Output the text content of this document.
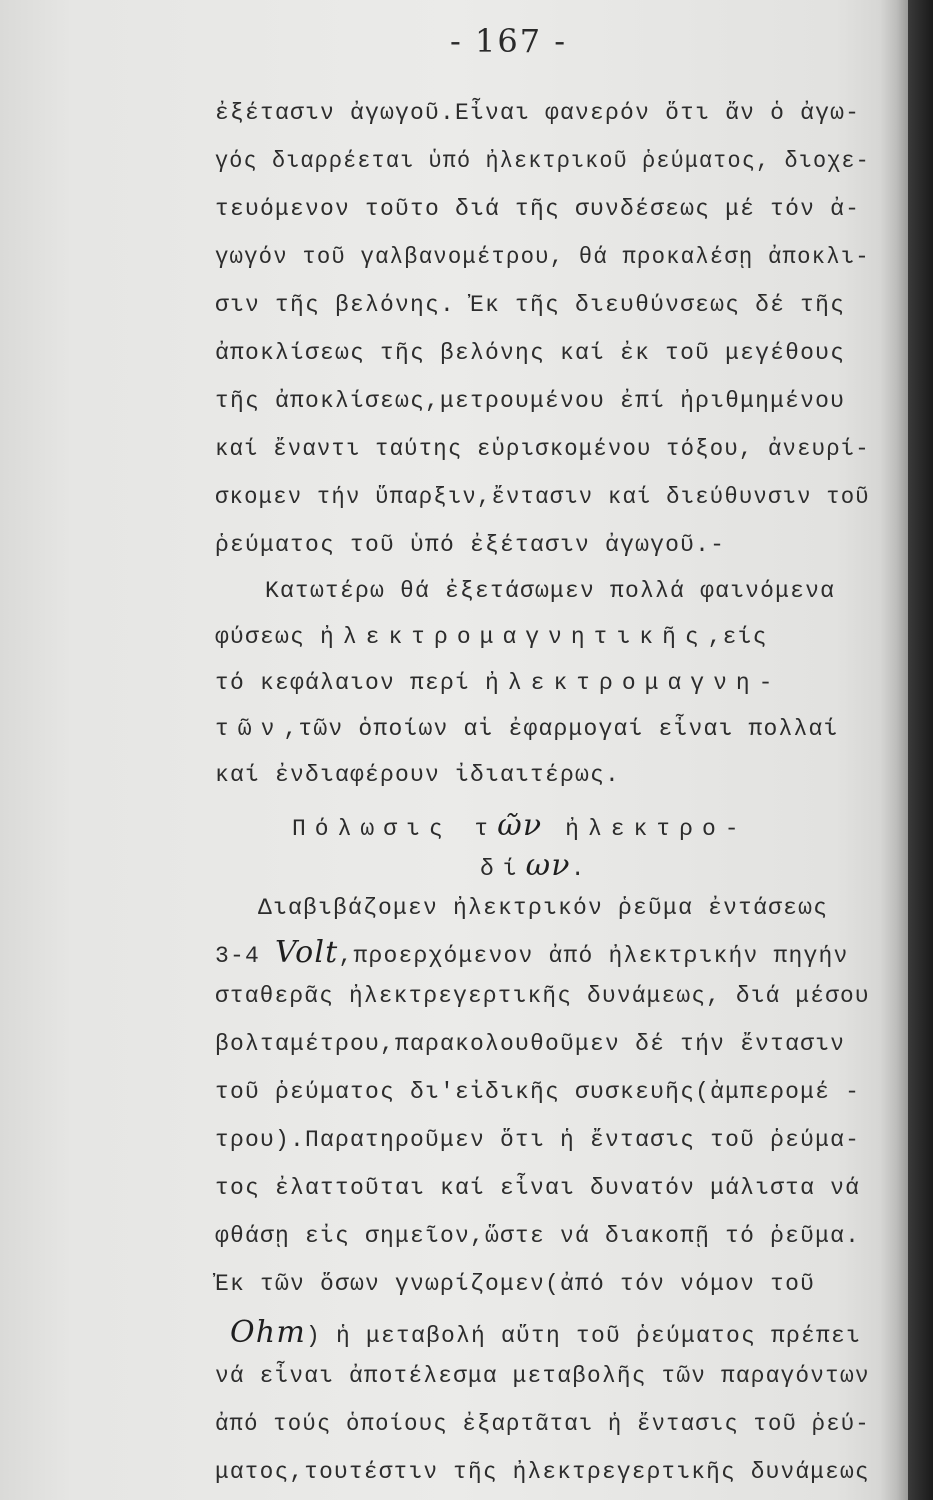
- 167 -
ἐξέτασιν ἀγωγοῦ.Εἶναι φανερόν ὅτι ἄν ὁ ἀγω-
γός διαρρέεται ὑπό ἠλεκτρικοῦ ῥεύματος, διοχε-
τευόμενον τοῦτο διά τῆς συνδέσεως μέ τόν ἀ-
γωγόν τοῦ γαλβανομέτρου, θά προκαλέσῃ ἀποκλι-
σιν τῆς βελόνης. Ἐκ τῆς διευθύνσεως δέ τῆς
ἀποκλίσεως τῆς βελόνης καί ἐκ τοῦ μεγέθους
τῆς ἀποκλίσεως,μετρουμένου ἐπί ἠριθμημένου
καί ἔναντι ταύτης εὑρισκομένου τόξου, ἀνευρί-
σκομεν τήν ὕπαρξιν,ἔντασιν καί διεύθυνσιν τοῦ
ῥεύματος τοῦ ὑπό ἐξέτασιν ἀγωγοῦ.-
Κατωτέρω θά ἐξετάσωμεν πολλά φαινόμενα
φύσεως ἠλεκτρομαγνητικῆς,είς
τό κεφάλαιον περί ἠλεκτρομαγνη-
τῶν,τῶν ὁποίων αἱ ἐφαρμογαί εἶναι πολλαί
καί ἐνδιαφέρουν ἰδιαιτέρως.
Πόλωσις τῶν ἠλεκτρο-
δίων.
Διαβιβάζομεν ἠλεκτρικόν ῥεῦμα ἐντάσεως
3-4 Volt,προερχόμενον ἀπό ἠλεκτρικήν πηγήν
σταθερᾶς ἠλεκτρεγερτικῆς δυνάμεως, διά μέσου
βολταμέτρου,παρακολουθοῦμεν δέ τήν ἔντασιν
τοῦ ῥεύματος δι'εἰδικῆς συσκευῆς(ἀμπερομέ -
τρου).Παρατηροῦμεν ὅτι ἡ ἔντασις τοῦ ῥεύμα-
τος ἐλαττοῦται καί εἶναι δυνατόν μάλιστα νά
φθάσῃ εἰς σημεῖον,ὥστε νά διακοπῇ τό ῥεῦμα.
Ἐκ τῶν ὅσων γνωρίζομεν(ἀπό τόν νόμον τοῦ
Ohm) ἡ μεταβολή αὕτη τοῦ ῥεύματος πρέπει
νά εἶναι ἀποτέλεσμα μεταβολῆς τῶν παραγόντων
ἀπό τούς ὁποίους ἐξαρτᾶται ἡ ἔντασις τοῦ ῥεύ-
ματος,τουτέστιν τῆς ἠλεκτρεγερτικῆς δυνάμεως
